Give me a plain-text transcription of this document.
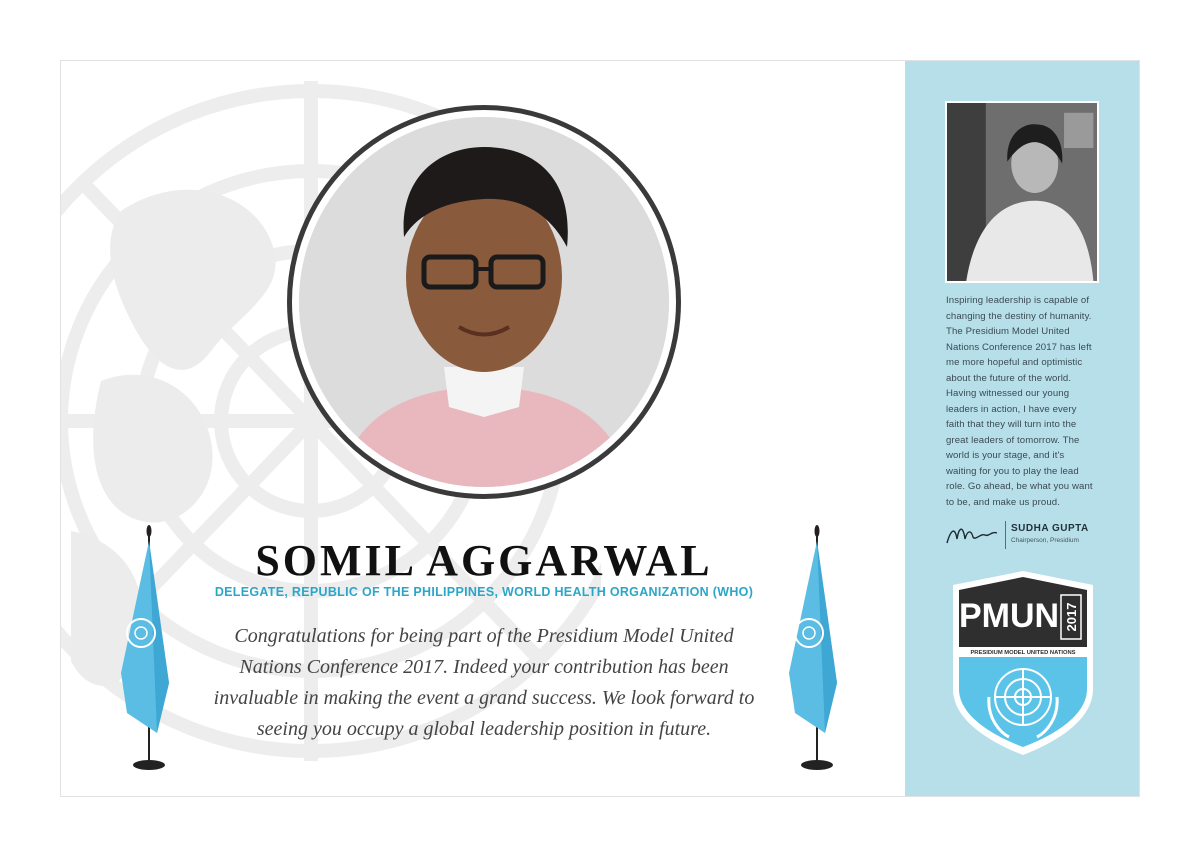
SOMIL AGGARWAL
DELEGATE, REPUBLIC OF THE PHILIPPINES, WORLD HEALTH ORGANIZATION (WHO)
Congratulations for being part of the Presidium Model United Nations Conference 2017. Indeed your contribution has been invaluable in making the event a grand success. We look forward to seeing you occupy a global leadership position in future.

Inspiring leadership is capable of changing the destiny of humanity. The Presidium Model United Nations Conference 2017 has left me more hopeful and optimistic about the future of the world. Having witnessed our young leaders in action, I have every faith that they will turn into the great leaders of tomorrow. The world is your stage, and it's waiting for you to play the lead role. Go ahead, be what you want to be, and make us proud.

SUDHA GUPTA
Chairperson, Presidium
PMUN 2017
PRESIDIUM MODEL UNITED NATIONS
